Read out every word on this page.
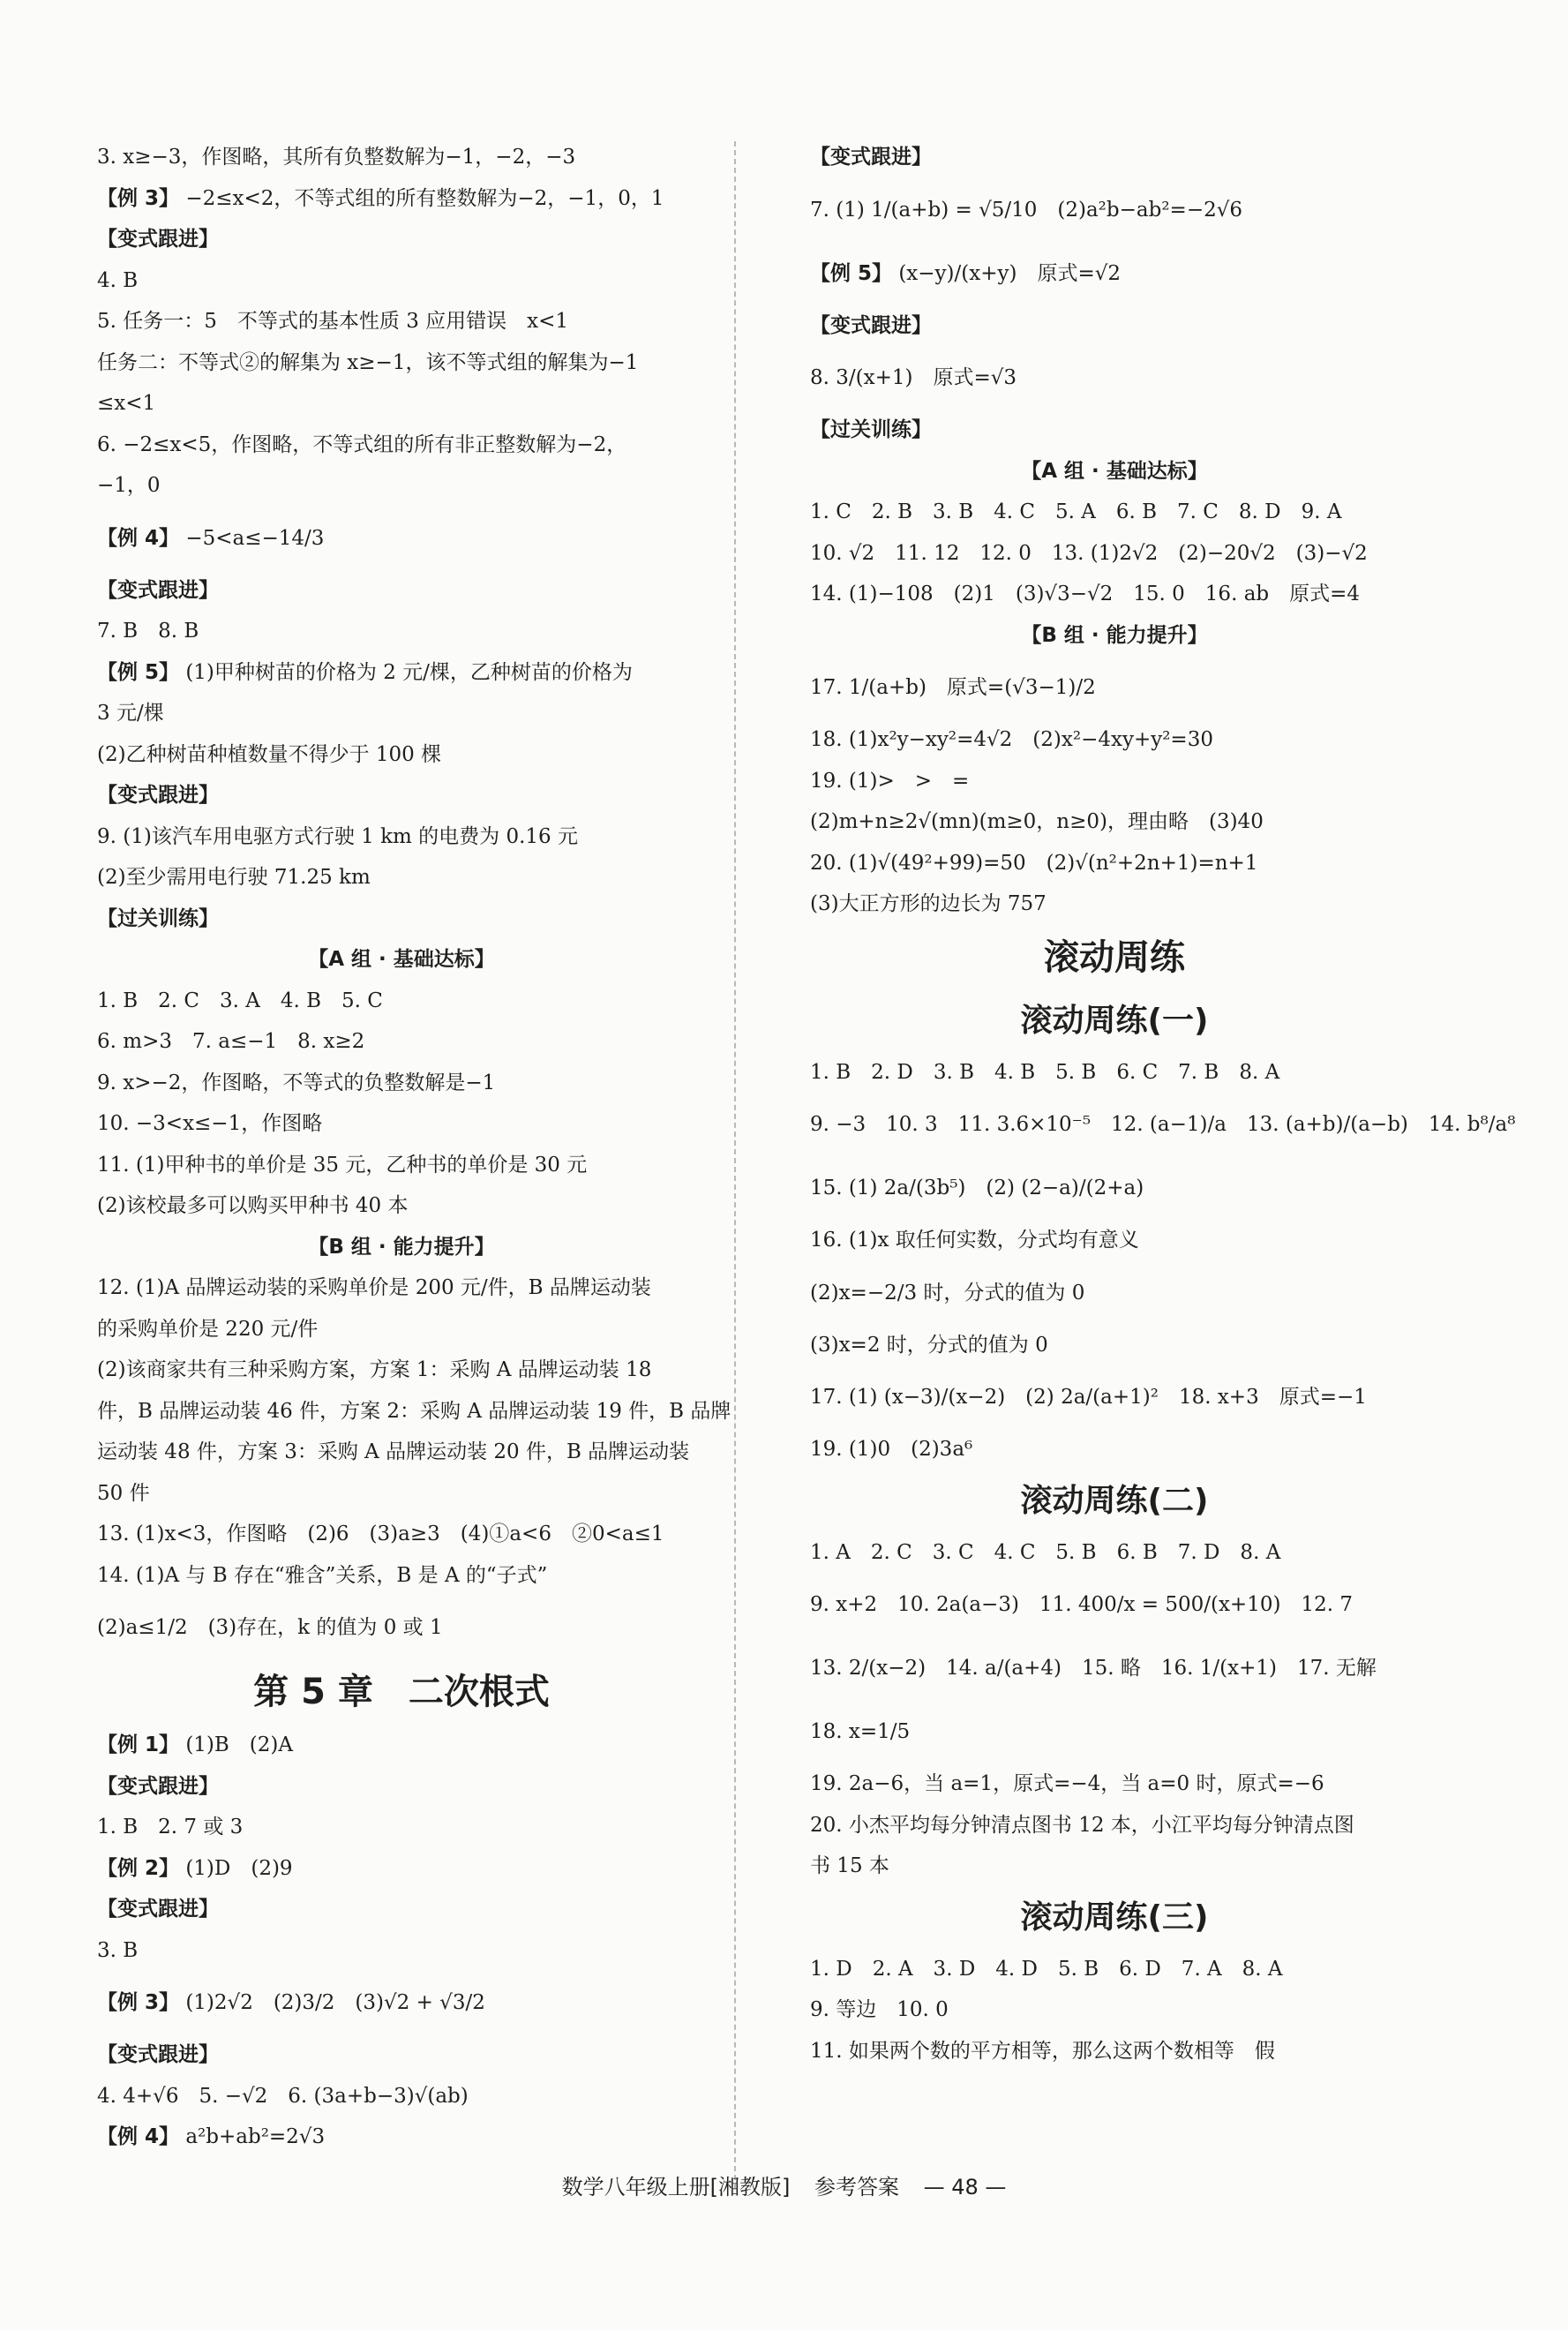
3. x≥−3，作图略，其所有负整数解为−1，−2，−3
【例 3】 −2≤x<2，不等式组的所有整数解为−2，−1，0，1
【变式跟进】
4. B
5. 任务一：5　不等式的基本性质 3 应用错误　x<1
任务二：不等式②的解集为 x≥−1，该不等式组的解集为−1
≤x<1
6. −2≤x<5，作图略，不等式组的所有非正整数解为−2，
−1，0
【例 4】 −5<a≤−14/3
【变式跟进】
7. B　8. B
【例 5】 (1)甲种树苗的价格为 2 元/棵，乙种树苗的价格为
3 元/棵
(2)乙种树苗种植数量不得少于 100 棵
【变式跟进】
9. (1)该汽车用电驱方式行驶 1 km 的电费为 0.16 元
(2)至少需用电行驶 71.25 km
【过关训练】
【A 组 · 基础达标】
1. B　2. C　3. A　4. B　5. C
6. m>3　7. a≤−1　8. x≥2
9. x>−2，作图略，不等式的负整数解是−1
10. −3<x≤−1，作图略
11. (1)甲种书的单价是 35 元，乙种书的单价是 30 元
(2)该校最多可以购买甲种书 40 本
【B 组 · 能力提升】
12. (1)A 品牌运动装的采购单价是 200 元/件，B 品牌运动装
的采购单价是 220 元/件
(2)该商家共有三种采购方案，方案 1：采购 A 品牌运动装 18
件，B 品牌运动装 46 件，方案 2：采购 A 品牌运动装 19 件，B 品牌
运动装 48 件，方案 3：采购 A 品牌运动装 20 件，B 品牌运动装
50 件
13. (1)x<3，作图略　(2)6　(3)a≥3　(4)①a<6　②0<a≤1
14. (1)A 与 B 存在“雅含”关系，B 是 A 的“子式”
(2)a≤1/2　(3)存在，k 的值为 0 或 1
第 5 章　二次根式
【例 1】 (1)B　(2)A
【变式跟进】
1. B　2. 7 或 3
【例 2】 (1)D　(2)9
【变式跟进】
3. B
【例 3】 (1)2√2　(2)3/2　(3)√2 + √3/2
【变式跟进】
4. 4+√6　5. −√2　6. (3a+b−3)√(ab)
【例 4】 a²b+ab²=2√3
【变式跟进】
7. (1) 1/(a+b) = √5/10　(2)a²b−ab²=−2√6
【例 5】 (x−y)/(x+y)　原式=√2
【变式跟进】
8. 3/(x+1)　原式=√3
【过关训练】
【A 组 · 基础达标】
1. C　2. B　3. B　4. C　5. A　6. B　7. C　8. D　9. A
10. √2　11. 12　12. 0　13. (1)2√2　(2)−20√2　(3)−√2
14. (1)−108　(2)1　(3)√3−√2　15. 0　16. ab　原式=4
【B 组 · 能力提升】
17. 1/(a+b)　原式=(√3−1)/2
18. (1)x²y−xy²=4√2　(2)x²−4xy+y²=30
19. (1)>　>　=
(2)m+n≥2√(mn)(m≥0，n≥0)，理由略　(3)40
20. (1)√(49²+99)=50　(2)√(n²+2n+1)=n+1
(3)大正方形的边长为 757
滚动周练
滚动周练(一)
1. B　2. D　3. B　4. B　5. B　6. C　7. B　8. A
9. −3　10. 3　11. 3.6×10⁻⁵　12. (a−1)/a　13. (a+b)/(a−b)　14. b⁸/a⁸
15. (1) 2a/(3b⁵)　(2) (2−a)/(2+a)
16. (1)x 取任何实数，分式均有意义
(2)x=−2/3 时，分式的值为 0
(3)x=2 时，分式的值为 0
17. (1) (x−3)/(x−2)　(2) 2a/(a+1)²　18. x+3　原式=−1
19. (1)0　(2)3a⁶
滚动周练(二)
1. A　2. C　3. C　4. C　5. B　6. B　7. D　8. A
9. x+2　10. 2a(a−3)　11. 400/x = 500/(x+10)　12. 7
13. 2/(x−2)　14. a/(a+4)　15. 略　16. 1/(x+1)　17. 无解
18. x=1/5
19. 2a−6，当 a=1，原式=−4，当 a=0 时，原式=−6
20. 小杰平均每分钟清点图书 12 本，小江平均每分钟清点图
书 15 本
滚动周练(三)
1. D　2. A　3. D　4. D　5. B　6. D　7. A　8. A
9. 等边　10. 0
11. 如果两个数的平方相等，那么这两个数相等　假
数学八年级上册[湘教版] 参考答案 — 48 —
